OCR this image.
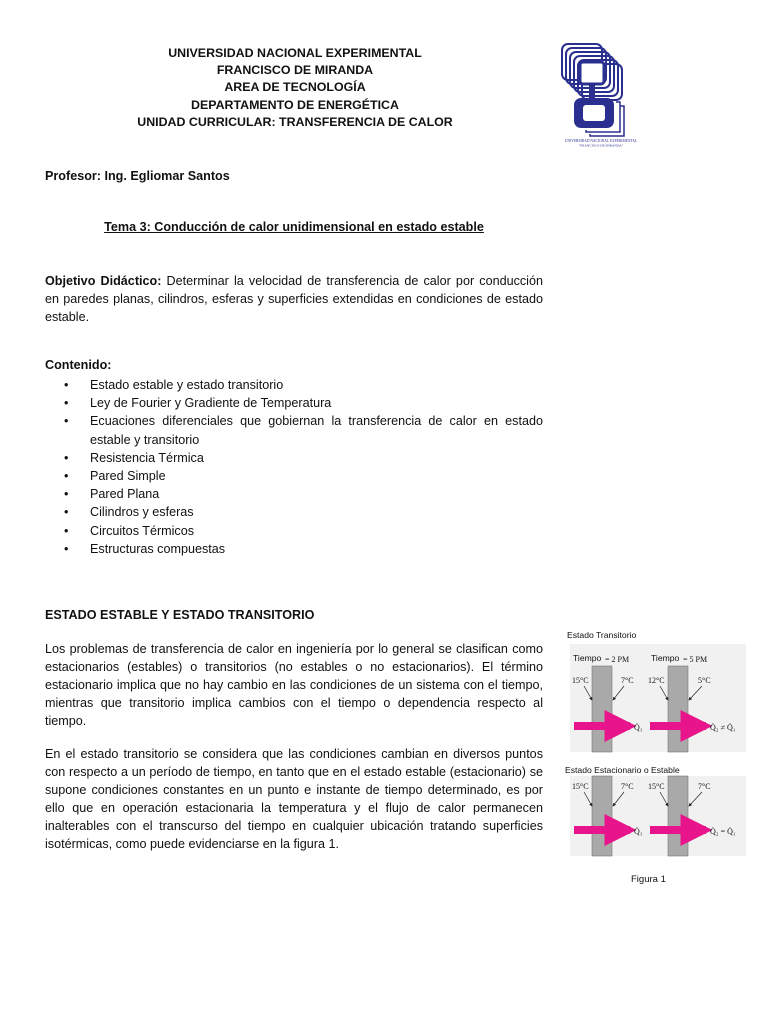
UNIVERSIDAD NACIONAL EXPERIMENTAL
FRANCISCO DE MIRANDA
AREA DE TECNOLOGÍA
DEPARTAMENTO DE ENERGÉTICA
UNIDAD CURRICULAR: TRANSFERENCIA DE CALOR
UNIVERSIDAD NACIONAL EXPERIMENTAL
"FRANCISCO DE MIRANDA"
Profesor: Ing. Egliomar Santos
Tema 3: Conducción de calor unidimensional en estado estable
Objetivo Didáctico: Determinar la velocidad de transferencia de calor por conducción en paredes planas, cilindros, esferas y superficies extendidas en condiciones de estado estable.
Contenido:
• Estado estable y estado transitorio
• Ley de Fourier y Gradiente de Temperatura
• Ecuaciones diferenciales que gobiernan la transferencia de calor en estado estable y transitorio
• Resistencia Térmica
• Pared Simple
• Pared Plana
• Cilindros y esferas
• Circuitos Térmicos
• Estructuras compuestas
ESTADO ESTABLE Y ESTADO TRANSITORIO
Los problemas de transferencia de calor en ingeniería por lo general se clasifican como estacionarios (estables) o transitorios (no estables o no estacionarios). El término estacionario implica que no hay cambio en las condiciones de un sistema con el tiempo, mientras que transitorio implica cambios con el tiempo o dependencia respecto al tiempo.
En el estado transitorio se considera que las condiciones cambian en diversos puntos con respecto a un período de tiempo, en tanto que en el estado estable (estacionario) se supone condiciones constantes en un punto e instante de tiempo determinado, es por ello que en operación estacionaria la temperatura y el flujo de calor permanecen inalterables con el transcurso del tiempo en cualquier ubicación tratando superficies isotérmicas, como puede evidenciarse en la figura 1.
Estado Transitorio
Tiempo = 2 PM	Tiempo = 5 PM
15°C	7°C 12°C	5°C
Q̇₁	Q̇₂ ≠ Q̇₁
Estado Estacionario o Estable
15°C	7°C 15°C	7°C
Q̇₁	Q̇₂ = Q̇₁
Figura 1
